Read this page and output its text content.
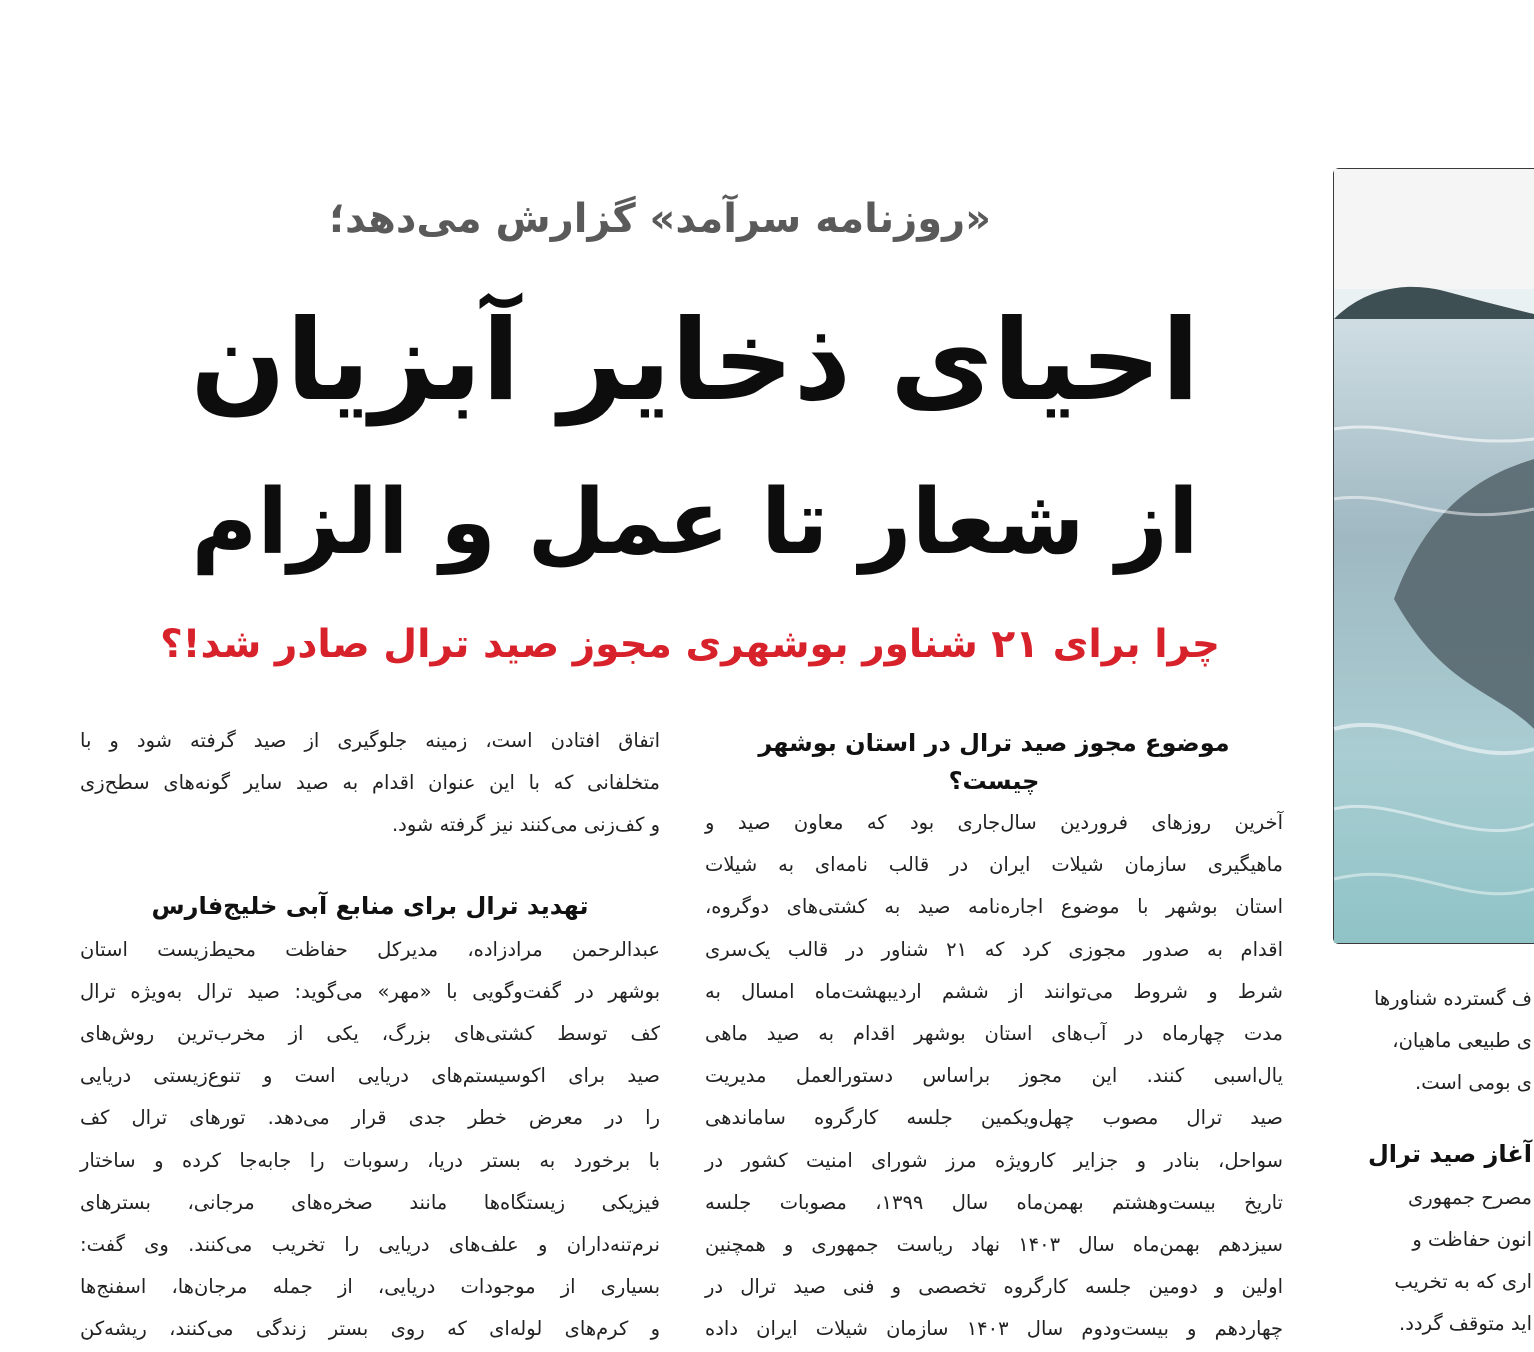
«روزنامه سرآمد» گزارش می‌دهد؛
احیای ذخایر آبزیان
از شعار تا عمل و الزام
چرا برای ۲۱ شناور بوشهری مجوز صید ترال صادر شد!؟
موضوع مجوز صید ترال در استان بوشهر
چیست؟

آخرین روزهای فروردین سال‌جاری بود که معاون صید و
ماهیگیری سازمان شیلات ایران در قالب نامه‌ای به شیلات
استان بوشهر با موضوع اجاره‌نامه صید به کشتی‌های دوگروه،
اقدام به صدور مجوزی کرد که ۲۱ شناور در قالب یک‌سری
شرط و شروط می‌توانند از ششم اردیبهشت‌ماه امسال به
مدت چهارماه در آب‌های استان بوشهر اقدام به صید ماهی
یال‌اسبی کنند. این مجوز براساس دستورالعمل مدیریت
صید ترال مصوب چهل‌ویکمین جلسه کارگروه ساماندهی
سواحل، بنادر و جزایر کارویژه مرز شورای امنیت کشور در
تاریخ بیست‌وهشتم بهمن‌ماه سال ۱۳۹۹، مصوبات جلسه
سیزدهم بهمن‌ماه سال ۱۴۰۳ نهاد ریاست جمهوری و همچنین
اولین و دومین جلسه کارگروه تخصصی و فنی صید ترال در
چهاردهم و بیست‌ودوم سال ۱۴۰۳ سازمان شیلات ایران داده

اتفاق افتادن است، زمینه جلوگیری از صید گرفته شود و با
متخلفانی که با این عنوان اقدام به صید سایر گونه‌های سطح‌زی
و کف‌زنی می‌کنند نیز گرفته شود.

تهدید ترال برای منابع آبی خلیج‌فارس

عبدالرحمن مرادزاده، مدیرکل حفاظت محیط‌زیست استان
بوشهر در گفت‌وگویی با «مهر» می‌گوید: صید ترال به‌ویژه ترال
کف توسط کشتی‌های بزرگ، یکی از مخرب‌ترین روش‌های
صید برای اکوسیستم‌های دریایی است و تنوع‌زیستی دریایی
را در معرض خطر جدی قرار می‌دهد. تورهای ترال کف
با برخورد به بستر دریا، رسوبات را جابه‌جا کرده و ساختار
فیزیکی زیستگاه‌ها مانند صخره‌های مرجانی، بسترهای
نرم‌تنه‌داران و علف‌های دریایی را تخریب می‌کنند. وی گفت:
بسیاری از موجودات دریایی، از جمله مرجان‌ها، اسفنج‌ها
و کرم‌های لوله‌ای که روی بستر زندگی می‌کنند، ریشه‌کن

ف گسترده شناورها
ی طبیعی ماهیان،
ی بومی است.

آغاز صید ترال

مصرح جمهوری
انون حفاظت و
اری که به تخریب
اید متوقف گردد.
